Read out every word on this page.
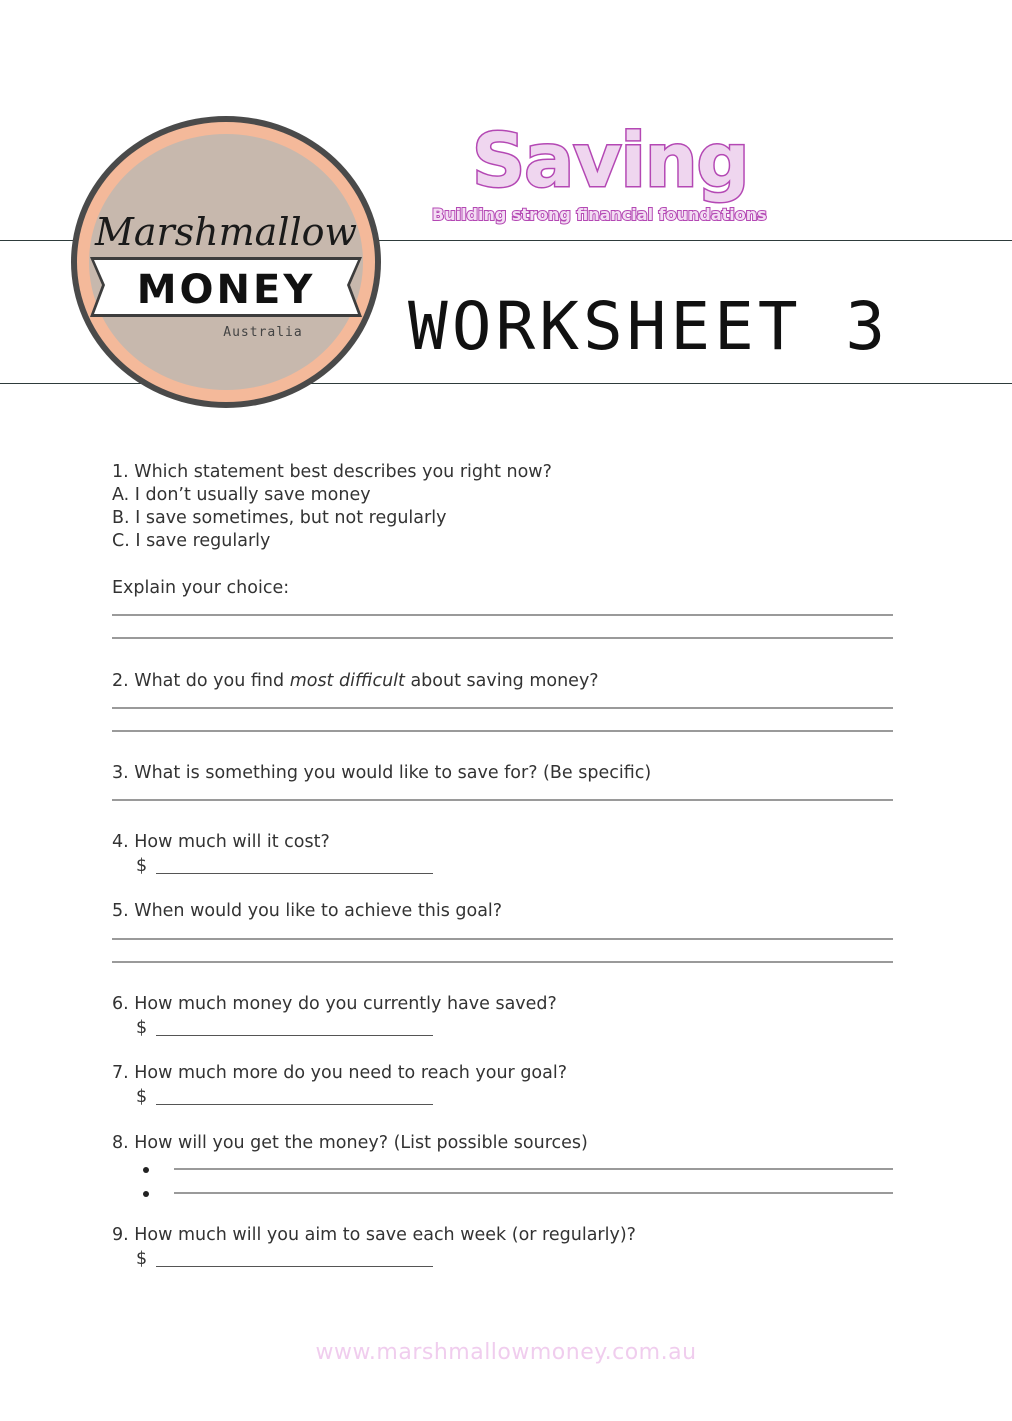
Marshmallow
MONEY
Australia
Saving
Building strong financial foundations
WORKSHEET 3
1. Which statement best describes you right now?
A. I don’t usually save money
B. I save sometimes, but not regularly
C. I save regularly
Explain your choice:
2. What do you find most difficult about saving money?
3. What is something you would like to save for? (Be specific)
4. How much will it cost?
$
5. When would you like to achieve this goal?
6. How much money do you currently have saved?
$
7. How much more do you need to reach your goal?
$
8. How will you get the money? (List possible sources)
9. How much will you aim to save each week (or regularly)?
$
www.marshmallowmoney.com.au
